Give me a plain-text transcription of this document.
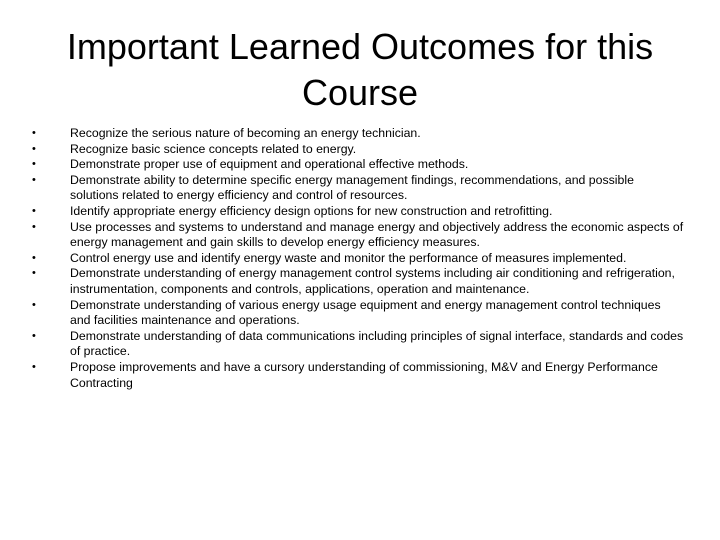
Important Learned Outcomes for this Course
•	Recognize the serious nature of becoming an energy technician.
•	Recognize basic science concepts related to energy.
•	Demonstrate proper use of equipment and operational effective methods.
•	Demonstrate ability to determine specific energy management findings, recommendations, and possible solutions related to energy efficiency and control of resources.
•	Identify appropriate energy efficiency design options for new construction and retrofitting.
•	Use processes and systems to understand and manage energy and objectively address the economic aspects of energy management and gain skills to develop energy efficiency measures.
•	Control energy use and identify energy waste and monitor the performance of measures implemented.
•	Demonstrate understanding of energy management control systems including air conditioning and refrigeration, instrumentation, components and controls, applications, operation and maintenance.
•	Demonstrate understanding of various energy usage equipment and energy management control techniques and facilities maintenance and operations.
•	Demonstrate understanding of data communications including principles of signal interface, standards and codes of practice.
•	Propose improvements and have a cursory understanding of commissioning, M&V and Energy Performance Contracting
